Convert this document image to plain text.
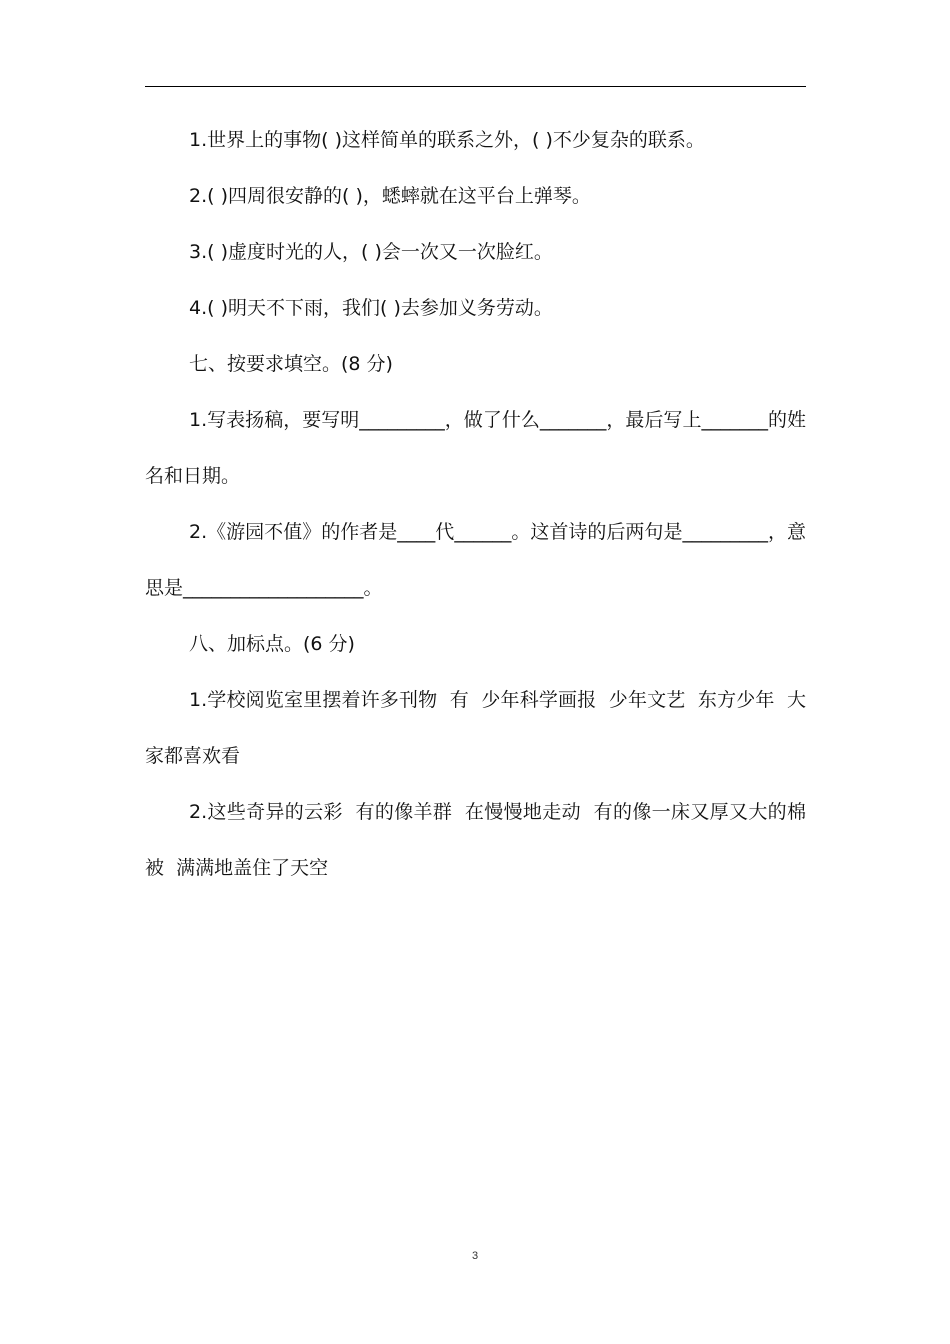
1.世界上的事物( )这样简单的联系之外，( )不少复杂的联系。

2.( )四周很安静的( )，蟋蟀就在这平台上弹琴。

3.( )虚度时光的人，( )会一次又一次脸红。

4.( )明天不下雨，我们( )去参加义务劳动。

七、按要求填空。(8 分)

1.写表扬稿，要写明_________，做了什么_______，最后写上_______的姓名和日期。

2.《游园不值》的作者是____代______。这首诗的后两句是_________，意思是___________________。

八、加标点。(6 分)

1.学校阅览室里摆着许多刊物  有  少年科学画报  少年文艺  东方少年  大家都喜欢看

2.这些奇异的云彩  有的像羊群  在慢慢地走动  有的像一床又厚又大的棉被  满满地盖住了天空

3
